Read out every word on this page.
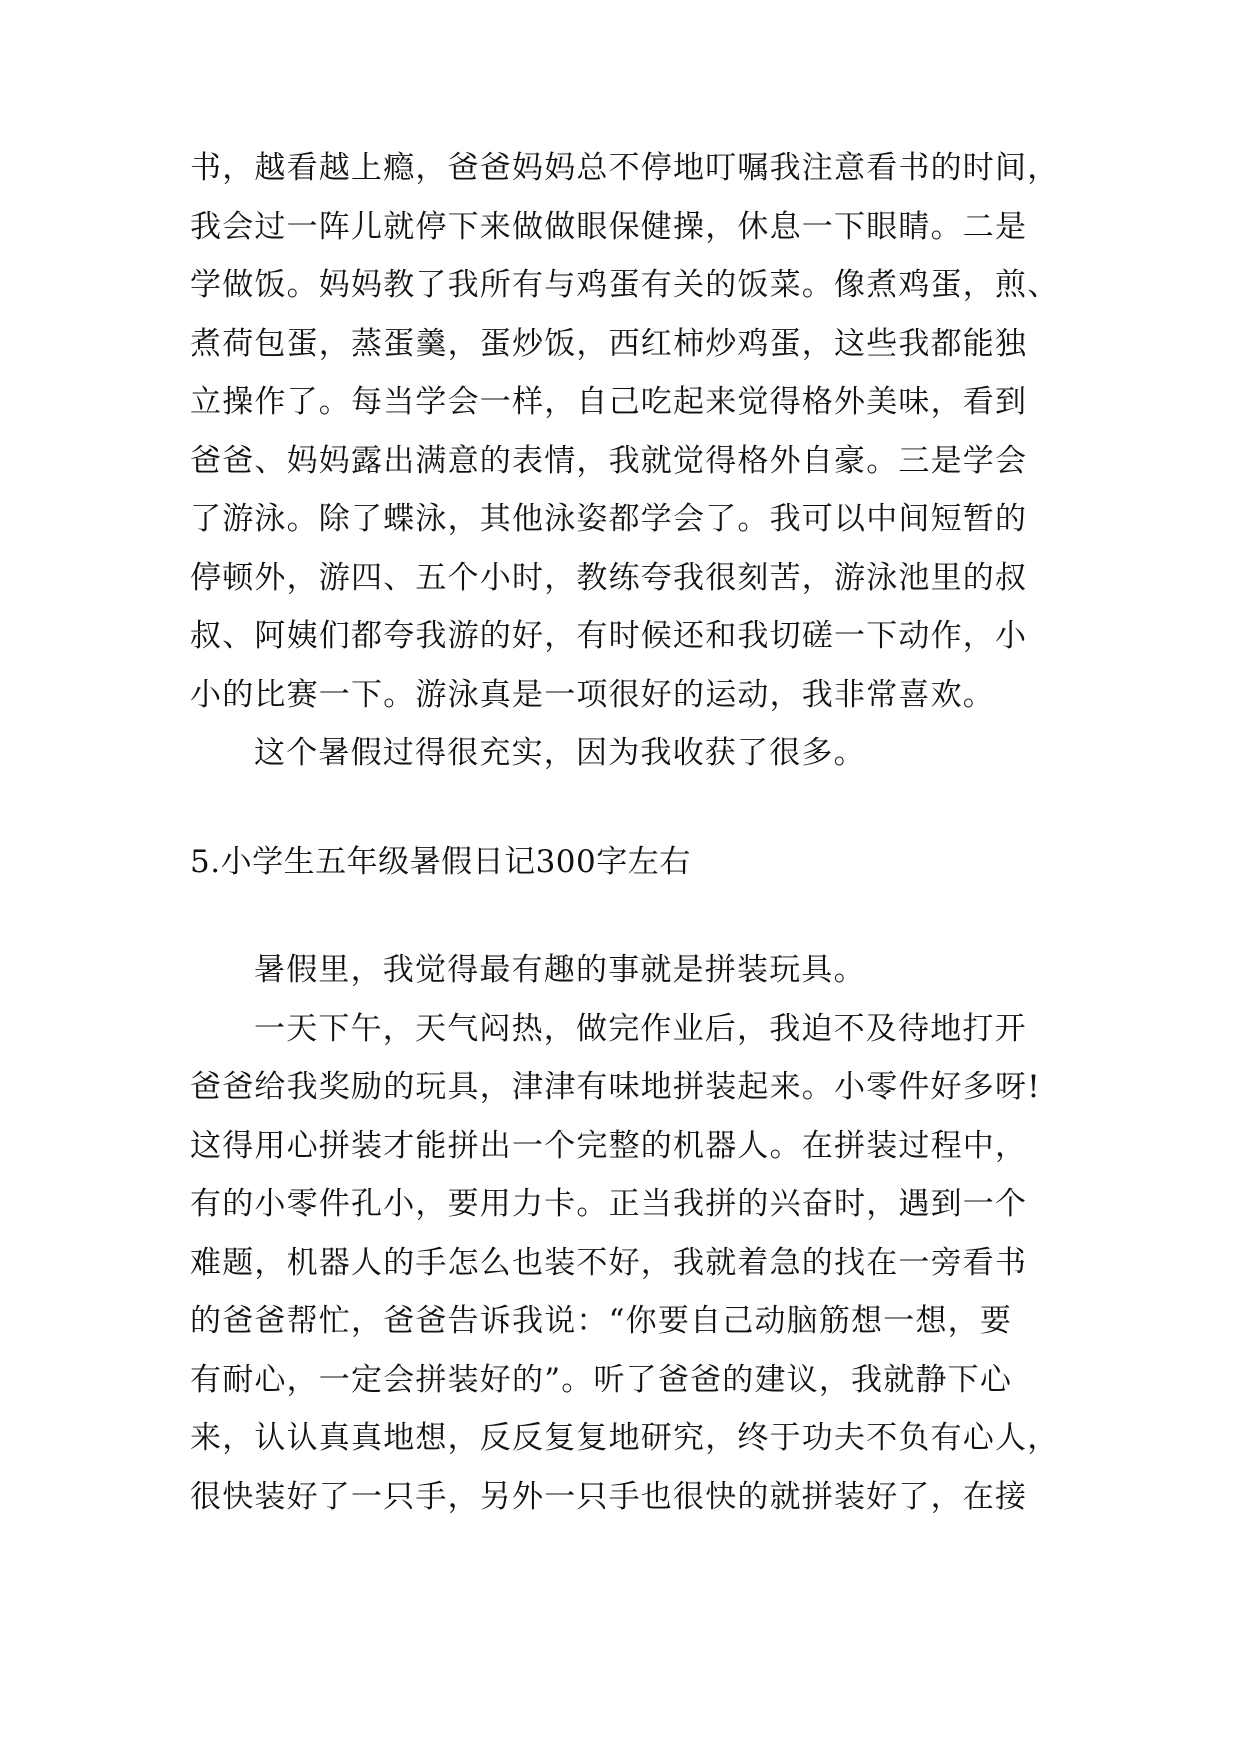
书，越看越上瘾，爸爸妈妈总不停地叮嘱我注意看书的时间，
我会过一阵儿就停下来做做眼保健操，休息一下眼睛。二是
学做饭。妈妈教了我所有与鸡蛋有关的饭菜。像煮鸡蛋，煎、
煮荷包蛋，蒸蛋羹，蛋炒饭，西红柿炒鸡蛋，这些我都能独
立操作了。每当学会一样，自己吃起来觉得格外美味，看到
爸爸、妈妈露出满意的表情，我就觉得格外自豪。三是学会
了游泳。除了蝶泳，其他泳姿都学会了。我可以中间短暂的
停顿外，游四、五个小时，教练夸我很刻苦，游泳池里的叔
叔、阿姨们都夸我游的好，有时候还和我切磋一下动作，小
小的比赛一下。游泳真是一项很好的运动，我非常喜欢。
这个暑假过得很充实，因为我收获了很多。
5.小学生五年级暑假日记300字左右
暑假里，我觉得最有趣的事就是拼装玩具。
一天下午，天气闷热，做完作业后，我迫不及待地打开
爸爸给我奖励的玩具，津津有味地拼装起来。小零件好多呀!
这得用心拼装才能拼出一个完整的机器人。在拼装过程中，
有的小零件孔小，要用力卡。正当我拼的兴奋时，遇到一个
难题，机器人的手怎么也装不好，我就着急的找在一旁看书
的爸爸帮忙，爸爸告诉我说：“你要自己动脑筋想一想，要
有耐心，一定会拼装好的”。听了爸爸的建议，我就静下心
来，认认真真地想，反反复复地研究，终于功夫不负有心人，
很快装好了一只手，另外一只手也很快的就拼装好了，在接
